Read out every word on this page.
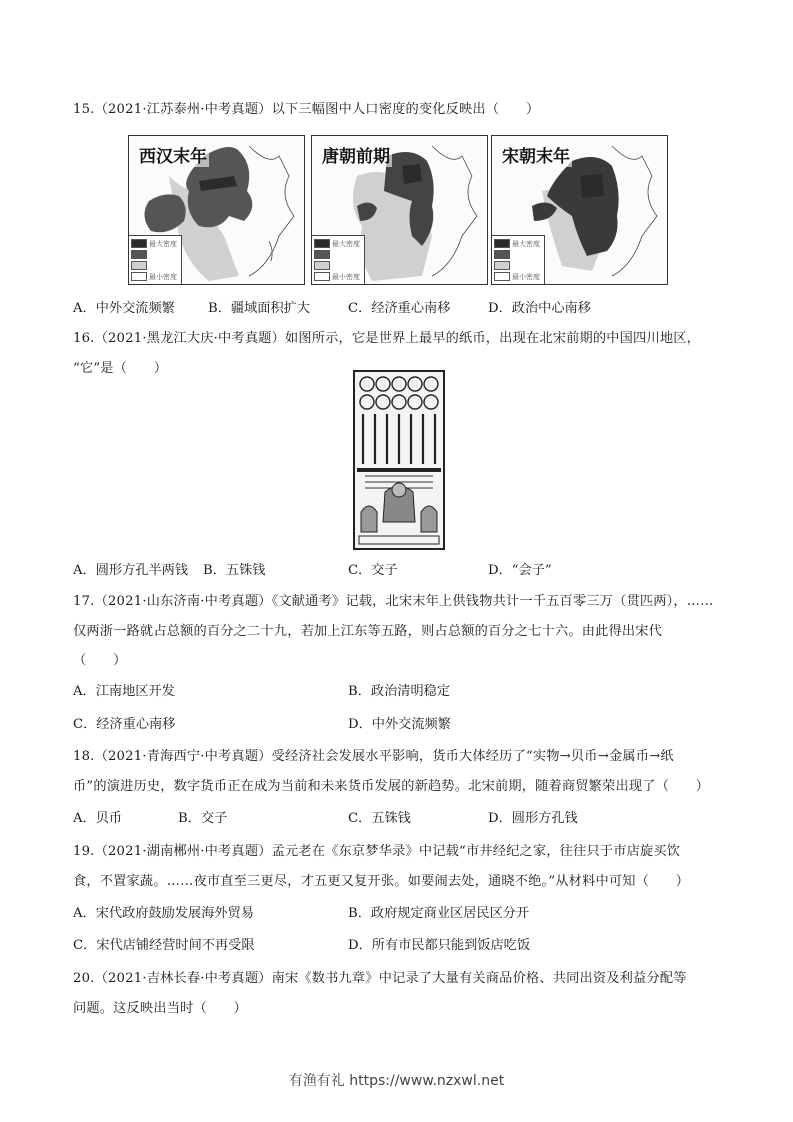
15.（2021·江苏泰州·中考真题）以下三幅图中人口密度的变化反映出（　　）
西汉末年
最大密度
最小密度
唐朝前期
最大密度
最小密度
宋朝末年
最大密度
最小密度
A．中外交流频繁	B．疆域面积扩大	C．经济重心南移	D．政治中心南移
16.（2021·黑龙江大庆·中考真题）如图所示，它是世界上最早的纸币，出现在北宋前期的中国四川地区，
“它”是（　　）
A．圆形方孔半两钱 B．五铢钱	C．交子	D．“会子”
17.（2021·山东济南·中考真题）《文献通考》记载，北宋末年上供钱物共计一千五百零三万（贯匹两），……
仅两浙一路就占总额的百分之二十九，若加上江东等五路，则占总额的百分之七十六。由此得出宋代
（　　）
A．江南地区开发	B．政治清明稳定
C．经济重心南移	D．中外交流频繁
18.（2021·青海西宁·中考真题）受经济社会发展水平影响，货币大体经历了“实物→贝币→金属币→纸
币”的演进历史，数字货币正在成为当前和未来货币发展的新趋势。北宋前期，随着商贸繁荣出现了（　　）
A．贝币	B．交子	C．五铢钱	D．圆形方孔钱
19.（2021·湖南郴州·中考真题）孟元老在《东京梦华录》中记载“市井经纪之家，往往只于市店旋买饮
食，不置家蔬。……夜市直至三更尽，才五更又复开张。如要闹去处，通晓不绝。”从材料中可知（　　）
A．宋代政府鼓励发展海外贸易	B．政府规定商业区居民区分开
C．宋代店铺经营时间不再受限	D．所有市民都只能到饭店吃饭
20.（2021·吉林长春·中考真题）南宋《数书九章》中记录了大量有关商品价格、共同出资及利益分配等
问题。这反映出当时（　　）
有渔有礼 https://www.nzxwl.net
